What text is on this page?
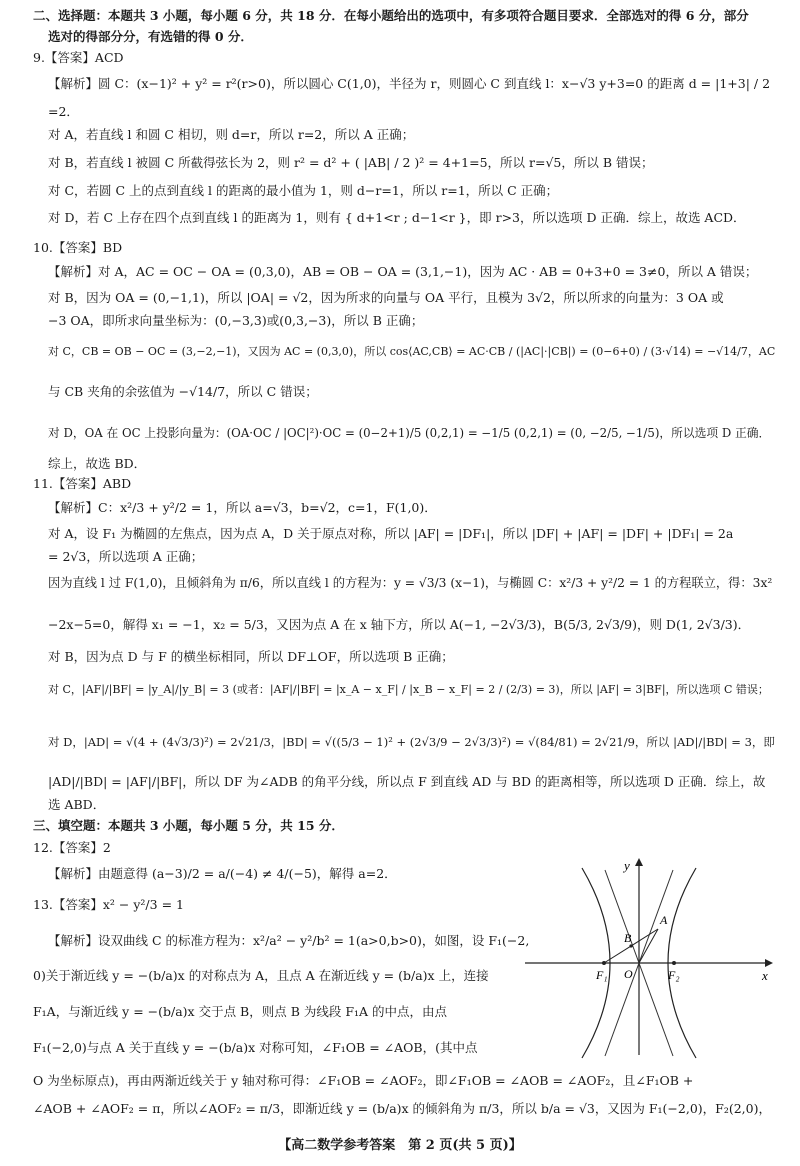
二、选择题：本题共 3 小题，每小题 6 分，共 18 分．在每小题给出的选项中，有多项符合题目要求．全部选对的得 6 分，部分
选对的得部分分，有选错的得 0 分．
9.【答案】ACD
【解析】圆 C：(x−1)² + y² = r²(r>0)，所以圆心 C(1,0)，半径为 r，则圆心 C 到直线 l：x−√3 y+3=0 的距离 d = |1+3| / 2
=2．
对 A，若直线 l 和圆 C 相切，则 d=r，所以 r=2，所以 A 正确；
对 B，若直线 l 被圆 C 所截得弦长为 2，则 r² = d² + ( |AB| / 2 )² = 4+1=5，所以 r=√5，所以 B 错误；
对 C，若圆 C 上的点到直线 l 的距离的最小值为 1，则 d−r=1，所以 r=1，所以 C 正确；
对 D，若 C 上存在四个点到直线 l 的距离为 1，则有 { d+1<r ; d−1<r }，即 r>3，所以选项 D 正确．综上，故选 ACD．
10.【答案】BD
【解析】对 A，AC = OC − OA = (0,3,0)，AB = OB − OA = (3,1,−1)，因为 AC · AB = 0+3+0 = 3≠0，所以 A 错误；
对 B，因为 OA = (0,−1,1)，所以 |OA| = √2，因为所求的向量与 OA 平行，且模为 3√2，所以所求的向量为：3 OA 或
−3 OA，即所求向量坐标为：(0,−3,3)或(0,3,−3)，所以 B 正确；
对 C，CB = OB − OC = (3,−2,−1)，又因为 AC = (0,3,0)，所以 cos⟨AC,CB⟩ = AC·CB / (|AC|·|CB|) = (0−6+0) / (3·√14) = −√14/7，AC
与 CB 夹角的余弦值为 −√14/7，所以 C 错误；
对 D，OA 在 OC 上投影向量为：(OA·OC / |OC|²)·OC = (0−2+1)/5 (0,2,1) = −1/5 (0,2,1) = (0, −2/5, −1/5)，所以选项 D 正确．
综上，故选 BD．
11.【答案】ABD
【解析】C：x²/3 + y²/2 = 1，所以 a=√3，b=√2，c=1，F(1,0)．
对 A，设 F₁ 为椭圆的左焦点，因为点 A，D 关于原点对称，所以 |AF| = |DF₁|，所以 |DF| + |AF| = |DF| + |DF₁| = 2a
= 2√3，所以选项 A 正确；
因为直线 l 过 F(1,0)，且倾斜角为 π/6，所以直线 l 的方程为：y = √3/3 (x−1)，与椭圆 C：x²/3 + y²/2 = 1 的方程联立，得：3x²
−2x−5=0，解得 x₁ = −1，x₂ = 5/3，又因为点 A 在 x 轴下方，所以 A(−1, −2√3/3)，B(5/3, 2√3/9)，则 D(1, 2√3/3)．
对 B，因为点 D 与 F 的横坐标相同，所以 DF⊥OF，所以选项 B 正确；
对 C，|AF|/|BF| = |y_A|/|y_B| = 3 (或者：|AF|/|BF| = |x_A − x_F| / |x_B − x_F| = 2 / (2/3) = 3)，所以 |AF| = 3|BF|，所以选项 C 错误；
对 D，|AD| = √(4 + (4√3/3)²) = 2√21/3，|BD| = √((5/3 − 1)² + (2√3/9 − 2√3/3)²) = √(84/81) = 2√21/9，所以 |AD|/|BD| = 3，即
|AD|/|BD| = |AF|/|BF|，所以 DF 为∠ADB 的角平分线，所以点 F 到直线 AD 与 BD 的距离相等，所以选项 D 正确．综上，故
选 ABD．
三、填空题：本题共 3 小题，每小题 5 分，共 15 分．
12.【答案】2
【解析】由题意得 (a−3)/2 = a/(−4) ≠ 4/(−5)，解得 a=2．
13.【答案】x² − y²/3 = 1
【解析】设双曲线 C 的标准方程为：x²/a² − y²/b² = 1(a>0,b>0)，如图，设 F₁(−2,
0)关于渐近线 y = −(b/a)x 的对称点为 A，且点 A 在渐近线 y = (b/a)x 上，连接
F₁A，与渐近线 y = −(b/a)x 交于点 B，则点 B 为线段 F₁A 的中点，由点
F₁(−2,0)与点 A 关于直线 y = −(b/a)x 对称可知，∠F₁OB = ∠AOB，(其中点
O 为坐标原点)，再由两渐近线关于 y 轴对称可得：∠F₁OB = ∠AOF₂，即∠F₁OB = ∠AOB = ∠AOF₂，且∠F₁OB +
∠AOB + ∠AOF₂ = π，所以∠AOF₂ = π/3，即渐近线 y = (b/a)x 的倾斜角为 π/3，所以 b/a = √3，又因为 F₁(−2,0)，F₂(2,0)，
y
x
A
B
F₁ O	F₂
【高二数学参考答案　第 2 页(共 5 页)】
